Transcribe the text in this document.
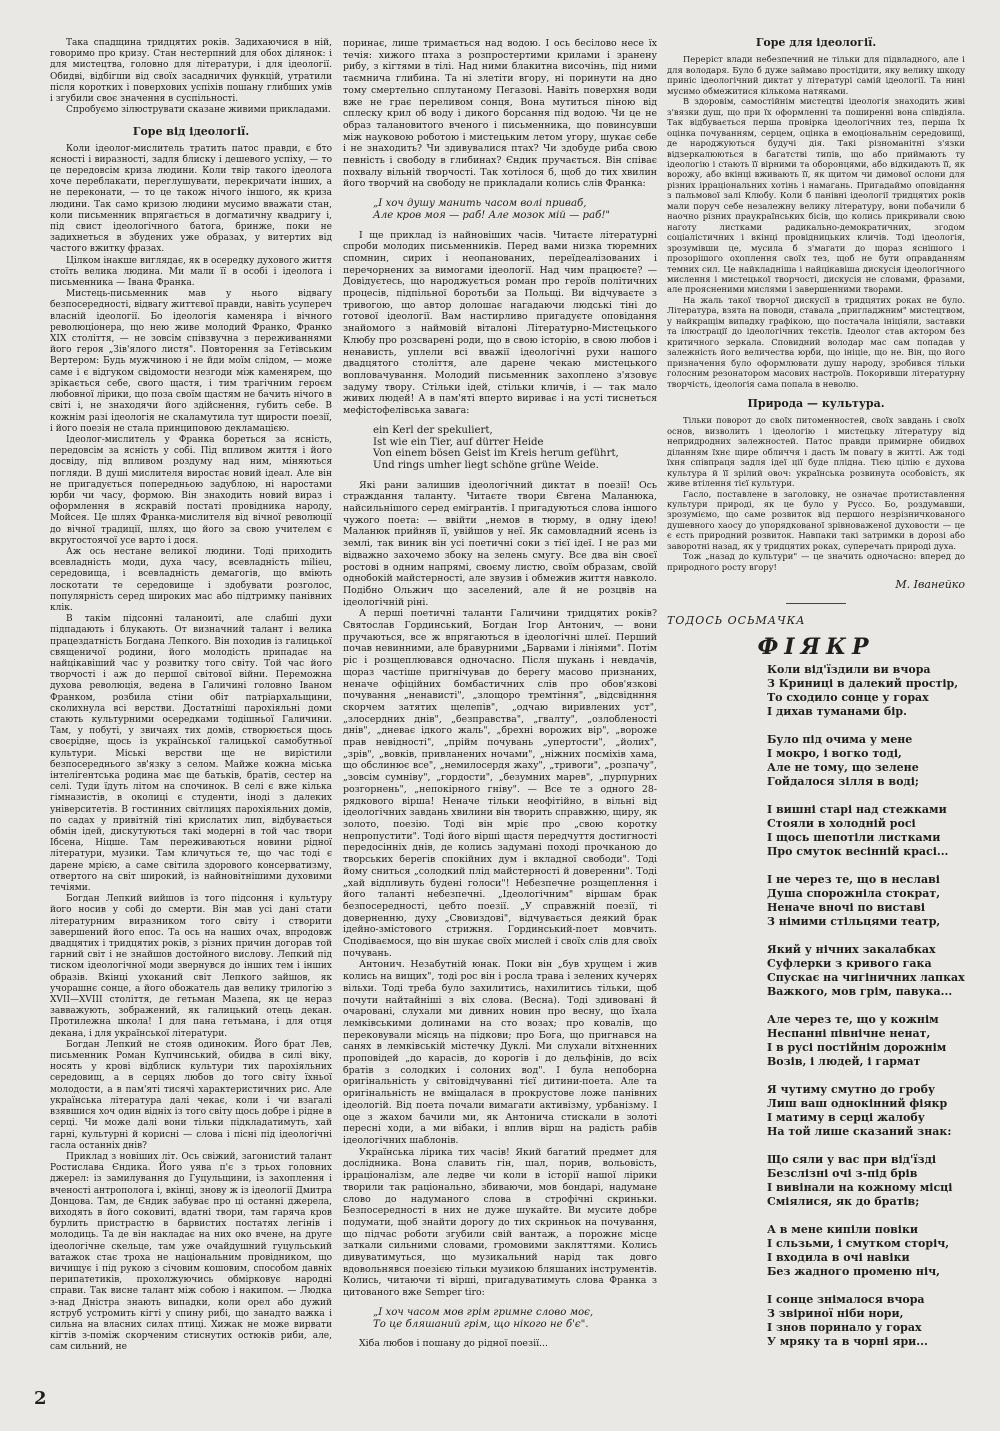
Така спадщина тридцятих років. Задихаючися в ній, говоримо про кризу. Стан нестерпний для обох ділянок: і для мистецтва, головно для літератури, і для ідеології. Обидві, відбігши від своїх засадничих функцій, утратили після коротких і поверхових успіхів пошану глибших умів і згубили своє значення в суспільності.

Спробуємо зілюструвати сказане живими прикладами.

Горе від ідеології.

Коли ідеолог-мислитель тратить патос правди, є бто ясності і виразності, задля блиску і дешевого успіху, — то це передовсім криза людини. Коли твір такого ідеолога хоче переблакати, переглушувати, перекричати інших, а не переконати, — то це також нічого іншого, як криза людини. Так само кризою людини мусимо вважати стан, коли письменник впрягається в догматичну квадригу і, під свист ідеологічного батога, бринже, поки не задихнеться в збудених уже образах, у витертих від частого вжитку фразах.

Цілком інакше виглядає, як в осередку духового життя стоїть велика людина. Ми мали її в особі і ідеолога і письменника — Івана Франка.

Мистець-письменник мав у нього відвагу безпосередності, відвагу життєвої правди, навіть усупереч власній ідеології. Бо ідеологія каменяра і вічного революціонера, що нею живе молодий Франко, Франко XIX століття, — не зовсім співзвучна з переживаннями його героя „Зів'ялого листя". Повторення за Гетівським Вертером: Будь мужчиною і не йди моїм слідом, — може саме і є відгуком свідомости незгоди між каменярем, що зрікається себе, свого щастя, і тим трагічним героєм любовної лірики, що поза своїм щастям не бачить нічого в світі і, не знаходячи його здійснення, губить себе. В кожнім разі ідеологія не скаламутила тут щирости поезії, і його поезія не стала принциповою декламацією.

Ідеолог-мислитель у Франка бореться за ясність, передовсім за ясність у собі. Під впливом життя і його досвіду, під впливом роздуму над ним, міняються погляди. В душі мислителя виростає новий ідеал. Але він не пригадується попередньою задублою, ні наростами юрби чи часу, формою. Він знаходить новий вираз і оформлення в яскравій постаті провідника народу, Мойсея. Це шлях Франка-мислителя від вічної революції до вічної традиції, шлях, що його за свою учителем є вкругостоячої усе варто і дося.

Аж ось нестане великої людини. Тоді приходить всевладність моди, духа часу, всевладність milieu, середовища, і всевладність демагогів, що вміють лоскотати те середовище і здобувати розголос, популярність серед широких мас або підтримку панівних клік.

В такім підсонні таланоиті, але слабші духи підпадають і блукають. От визначний талант і велика працездатність Богдана Лепкого. Він походив із галицької священичої родини, його молодість припадає на найцікавіший час у розвитку того світу. Той час його творчості і аж до першої світової війни. Переможна духова революція, ведена в Галичині головно Іваном Франком, розбила стіни обіт патріархальщини, сколихнула всі верстви. Достатніші парохіяльні доми стають культурними осередками тодішньої Галичини. Там, у побуті, у звичаях тих домів, створюється щось своєрідне, щось із української галицької самобутньої культури. Міські верстви ще не вирістили безпосереднього зв'язку з селом. Майже кожна міська інтелігентська родина має ще батьків, братів, сестер на селі. Туди їдуть літом на спочинок. В селі є вже кілька гімназистів, в околиці є студенти, іноді з далеких університетів. В гостинних світлицях парохіяльних домів, по садах у привітній тіні крислатих лип, відбувається обмін ідей, дискутуються такі модерні в той час твори Ібсена, Ніцше. Там переживаються новини рідної літератури, музики. Там кличуться те, що час тоді є дарене мрією, а саме світила здорового консерватизму, отвертого на світ широкий, із найновітнішими духовими течіями.

Богдан Лепкий вийшов із того підсоння і культуру його носив у собі до смерти. Він мав усі дані стати літературним виразником того світу і створити завершений його епос. Та ось на наших очах, впродовж двадцятих і тридцятих років, з різних причин догорав той гарний світ і не знайшов достойного вислову. Лепкий під тиском ідеологічної моди звернувся до інших тем і інших образів. Вкінці ухоканий світ Лепкого зайшов, як учорашнє сонце, а його обожатель дав велику трилогію з XVII—XVIII століття, де гетьман Мазепа, як це нераз завважують, зображений, як галицький отець декан. Протилежна школа! І для пана гетьмана, і для отця декана, і для української літератури.

Богдан Лепкий не стояв одиноким. Його брат Лев, письменник Роман Купчинський, обидва в силі віку, носять у крові відблиск культури тих парохіяльних середовищ, а в серцях любов до того світу їхньої молодости, а в пам'яті тисячі характеристичних рис. Але українська література далі чекає, коли і чи взагалі взявшися хоч один відніх із того світу щось добре і рідне в серці. Чи може далі вони тільки підкладатимуть, хай гарні, культурні й корисні — слова і пісні під ідеологічні гасла останніх днів?

Приклад з новіших літ. Ось свіжий, загонистий талант Ростислава Єндика. Його уява п'є з трьох головних джерел: із замилування до Гуцульщини, із захоплення і вченості антрополога і, вкінці, знову ж із ідеології Дмитра Донцова. Там, де Єндик забуває про ці останні джерела, виходять в його соковиті, вдатні твори, там гаряча кров бурлить пристрастю в барвистих постатях легінів і молодиць. Та де він накладає на них око вчене, на друге ідеологічне скельце, там уже очайдушний гуцульський ватажок стає троха не національним провідником, що вичищує і під рукою з січовим кошовим, способом давніх перипатетиків, прохолжуючись обмірковує народні справи. Так висне талант між собою і накипом. — Людка з-над Дністра знають випадки, коли орел або дужий яструб устромить кігті у спину рибі, що занадто важка і сильна на власних силах птиці. Хижак не може вирвати кігтів з-поміж скорченим стиснутих остюків риби, але, сам сильний, не

поринає, лише тримається над водою. І ось бесілово несе їх течія: хижого птаха з розпростертими крилами і зранену рибу, з кігтями в тілі. Над ними блакитна височінь, під ними таємнича глибина. Та ні злетіти вгору, ні поринути на дно тому смертельно сплутаному Пегазові. Навіть поверхня води вже не грає переливом сонця, Вона мутиться піною від сплеску крил об воду і дикого борсання під водою. Чи це не образ талановитого вченого і письменника, що повинсувши між науковою роботою і мистецьким летом угору, шукає себе і не знаходить? Чи здивувалися птах? Чи здобуде риба свою певність і свободу в глибинах? Єндик пручається. Він співає похвалу вільній творчості. Так хотілося б, щоб до тих хвилин його творчий на свободу не прикладали колись слів Франка:

„І хоч душу манить часом волі приваб,
Але кров моя — раб! Але мозок мій — раб!"

І ще приклад із найновіших часів. Читаєте літературні спроби молодих письменників. Перед вами низка тюремних спомнин, сирих і неопанованих, переїдеалізованих і перечорнених за вимогами ідеології. Над чим працюєте? — Довідуєтесь, що народжується роман про героїв політичних процесів, підпільної боротьби за Польщі. Ви відчуваєте з тривогою, що автор долошає нагадаючи людські тіні до готової ідеології. Вам настирливо пригадуєте оповідання знайомого з наймовій віталоні Літературно-Мистецького Клюбу про розсварені роди, що в свою історію, в свою любов і ненависть, уплели всі вважії ідеологічні рухи нашого двадцятого століття, але дарене чекаю мистецького вопловачування. Молодий письменник захоплено з'язовує задуму твору. Стільки ідей, стільки кличів, і — так мало живих людей! А в пам'яті вперто вириває і на усті тиснеться мефістофелівська завага:

ein Kerl der spekuliert,
Ist wie ein Tier, auf dürrer Heide
Von einem bösen Geist im Kreis herum geführt,
Und rings umher liegt schöne grüne Weide.

Які рани залишив ідеологічний диктат в поезії! Ось страждання таланту. Читаєте твори Євгена Маланюка, найсильнішого серед емігрантів. І пригадуються слова іншого чужого поета: — ввійти „немов в тюрму, в одну ідею! Маланюк прийняв її, увійшов у неї. Як самовладний ясень із землі, так виник він усі поетичні соки з тієї ідеї. І не раз ми відважно захочемо збоку на зелень смугу. Все два він своєї ростові в одним напрямі, своєму листю, своїм образам, своїй однобокій майстерності, але звузив і обмежив життя навколо. Подібно Ольжич що заселений, але й не розцвів на ідеологічній ріні.

А перші поетичні таланти Галичини тридцятих років? Святослав Гординський, Богдан Ігор Антонич, — вони пручаються, все ж впрягаються в ідеологічні шлеї. Перший почав невинними, але бравурними „Барвами і лініями". Потім ріс і розщеплювався одночасно. Після шукань і невдачів, щораз частіше пригнічував до берегу масово признаних, неначе офіційних бомбастичних слів про обов'язкові почування „ненависті", „злощоро тремтіння", „відсвіднння скорчем затятих щелепів", „одчаю виривлених уст", „злоcердних днів", „безправства", „гвалту", „озлобленості днів", „дневає ідкого жаль", „брехні ворожих вір", „вороже прав невідності", „прійм почувань „упертости", „йолих", „зрів", „вовків, привланених ночами", „ніжних посміхів хама, що обслинює все", „немилосердя жаху", „тривоги", „розпачу", „зовсім сумніву", „гордости", „безумних марев", „пурпурних розгорнень", „непокірного гніву". — Все те з одного 28-рядкового вірша! Неначе тільки неофітійно, в вільні від ідеологічних завдань хвилини він творить справжню, щиру, як золото, поезію. Тоді він мріє про „свою коротку непропустити". Тоді його вірші щастя передчуття достигності передосінніх днів, де колись задумані поході прочканою до творських берегів спокійних дум і вкладної свободи". Тоді йому сниться „солодкий плід майстерності й доверенни". Тоді „хай відпливуть будені голоси"! Небезпечне розщеплення і його таланті небезпечні. „Ідеологічним" віршам брак безпосередності, цебто поезії. „У справжній поезії, ті доверненню, духу „Свовиздові", відчувається деякий брак ідейно-змістового стрижня. Гординський-поет мовчить. Сподіваємося, що він шукає своїх мислей і своїх слів для своїх почувань.

Антонич. Незабутній юнак. Поки він „був хрущем і жив колись на вищих", тоді рос він і росла трава і зелених кучерях вільхи. Тоді треба було захилитись, нахилитись тільки, щоб почути найтайніші з віх слова. (Весна). Тоді здивовані й очаровані, слухали ми дивних новин про весну, що їхала лемківськими долинами на стo возах; про ковалів, що перековували місяць на підкови; про Бога, що пригнався на санях в лемківській містечку Дуклі. Ми слухали вітхненних проповідей „до карасів, до корогів і до дельфінів, до всіх братів з солодких і солоних вод". І була непоборна оригінальність у світовідчуванні тієї дитини-поета. Але та оригінальність не вміщалася в прокрустове ложе панівних ідеологій. Від поета почали вимагати активізму, урбанізму. І оце з жахом бачили ми, як Антонича стискали в золоті пересні ходи, а ми вібаки, і вплив вірш на радість рабів ідеологічних шаблонів.

Українська лірика тих часів! Який багатий предмет для дослідника. Вона славить гін, шал, порив, вольовість, ірраціоналізм, але ледве чи коли в історії нашої лірики творили так раціонально, збиваючи, мов бондарі, надумане слово до надуманого слова в строфічні скриньки. Безпосередності в них не дуже шукайте. Ви мусите добре подумати, щоб знайти дорогу до тих скриньок на почування, що підчас роботи згубили свій вантаж, а порожнє місце заткали сильними словами, громовими закляттями. Колись дивуватимуться, що музикальний нарід так довго вдовольнявся поезією тільки музикою бляшаних інструментів. Колись, читаючи ті вірші, пригадуватимуть слова Франка з цитованого вже Semper tiro:

„І хоч часом мов грім гримне слово моє,
То це бляшаний грім, що нікого не б'є".

Хіба любов і пошану до рідної поезії...

Горе для ідеології.

Переріст влади небезпечний не тільки для підвладного, але і для володаря. Було б дуже займаво простідити, яку велику шкоду приніс ідеологічний диктат у літературі самій ідеології. Та нині мусимо обмежитися кількома натяками.

В здоровім, самостійнім мистецтві ідеологія знаходить живі з'вязки душ, що при їх оформленні та поширенні вона співдіяла. Так відбувається перша провірка ідеологічних тез, перша їх оцінка почуванням, серцем, оцінка в емоціональнім середовищі, де народжуються будучі дія. Такі різноманітні з'язки відзеркалюються в багатстві типів, що або приймають ту ідеологію і стають її вірними та оборонцями, або відкидають її, як ворожу, або вкінці вживають її, як щитом чи димової ослони для різних ірраціональних хотінь і намагань. Пригадаймо оповідання з пальмової залі Клюбу. Коли б панівні ідеології тридцятих років мали поруч себе незалежну велику літературу, вони побачили б наочно різних праукраїнських бісів, що колись прикривали свою наготу листками радикально-демократичних, згодом соціалістичних і вкінці провідницьких кличів. Тоді ідеологія, зрозумівши це, мусила б з'магати до щораз яснішого і прозорішого охоплення своїх тез, щоб не бути оправданням темних сил. Це найкладніша і найцікавіша дискусія ідеологічного мислення і мистецької творчості, дискусія не словами, фразами, але проясненими мислями і завершенними творами.

На жаль такої творчої дискусії в тридцятих роках не було. Література, взята на поводи, ставала „пригладжним" мистецтвом, у найкращім випадку графікою, що постачала ініціяли, заставки та ілюстрації до ідеологічних текстів. Ідеолог став актором без критичного зеркала. Сповидний володар мас сам попадав у залежність його величества юрби, що ініціе, що не. Він, що його призначення було оформлювати душу народу, зробився тільки голосним резонатором масових настроїв. Покоривши літературну творчість, ідеологія сама попала в неволю.

Природа — культура.

Тільки поворот до своїх питоменностей, своїх завдань і своїх основ, визволить і ідеологію і мистецьку літературу від непридродних залежностей. Патос правди примирне обидвох діланням їхнє щире обличчя і дасть їм повагу в житті. Аж тоді їхня співпраця задля ідеї ції буде плідна. Тією цілію є духова культура й її зрілий овоч: українська розвинута особовість, як живе втілення тієї культури.

Гасло, поставлене в заголовку, не означає протиставлення культури природі, як це було у Руссо. Бо, роздумавши, зрозуміємо, що саме розвиток від першого незрізничкованого душевного хаосу до упорядкованої зрівноваженої духовости — це є єсть природний розвиток. Навпаки такі затримки в дорозі або заворотні назад, як у тридцятих роках, суперечать природі духа.

Тож „назад до культури" — це значить одночасно: вперед до природного росту вгору!

М. Іванейко
ТОДОСЬ ОСЬМАЧКА
ФІЯКР
Коли від'їздили ви вчора
З Криниці в далекий простір,
То сходило сонце у горах
І дихав туманами бір.
Було під очима у мене
І мокро, і вогко тоді,
Але не тому, що зелене
Гойдалося зілля в воді;
І вишні старі над стежками
Стояли в холодній росі
І щось шепотіли листками
Про смуток весінній красі...
І не через те, що в неславі
Душа спорожніла стократ,
Неначе вночі по виставі
З німими стільцями театр,
Який у нічних закалабках
Суфлерки з кривого гака
Спускає на чигіничних лапках
Важкого, мов грім, павука...
Але через те, що у кожнім
Неспанні північне ненат,
І в русі постійнім дорожнім
Возів, і людей, і гармат
Я чутиму смутно до гробу
Лиш ваш однокінний фіякр
І матиму в серці жалобу
На той лише сказаний знак:
Що сяли у вас при від'їзді
Безслізні очі з-під брів
І вивінали на кожному місці
Сміялися, як до братів;
А в мене кипіли повіки
І сльзьми, і смутком сторіч,
І входила в очі навіки
Без жадного променю ніч,
І сонце знімалося вчора
З звіриної ніби нори,
І знов поринало у горах
У мряку та в чорні яри...
2
